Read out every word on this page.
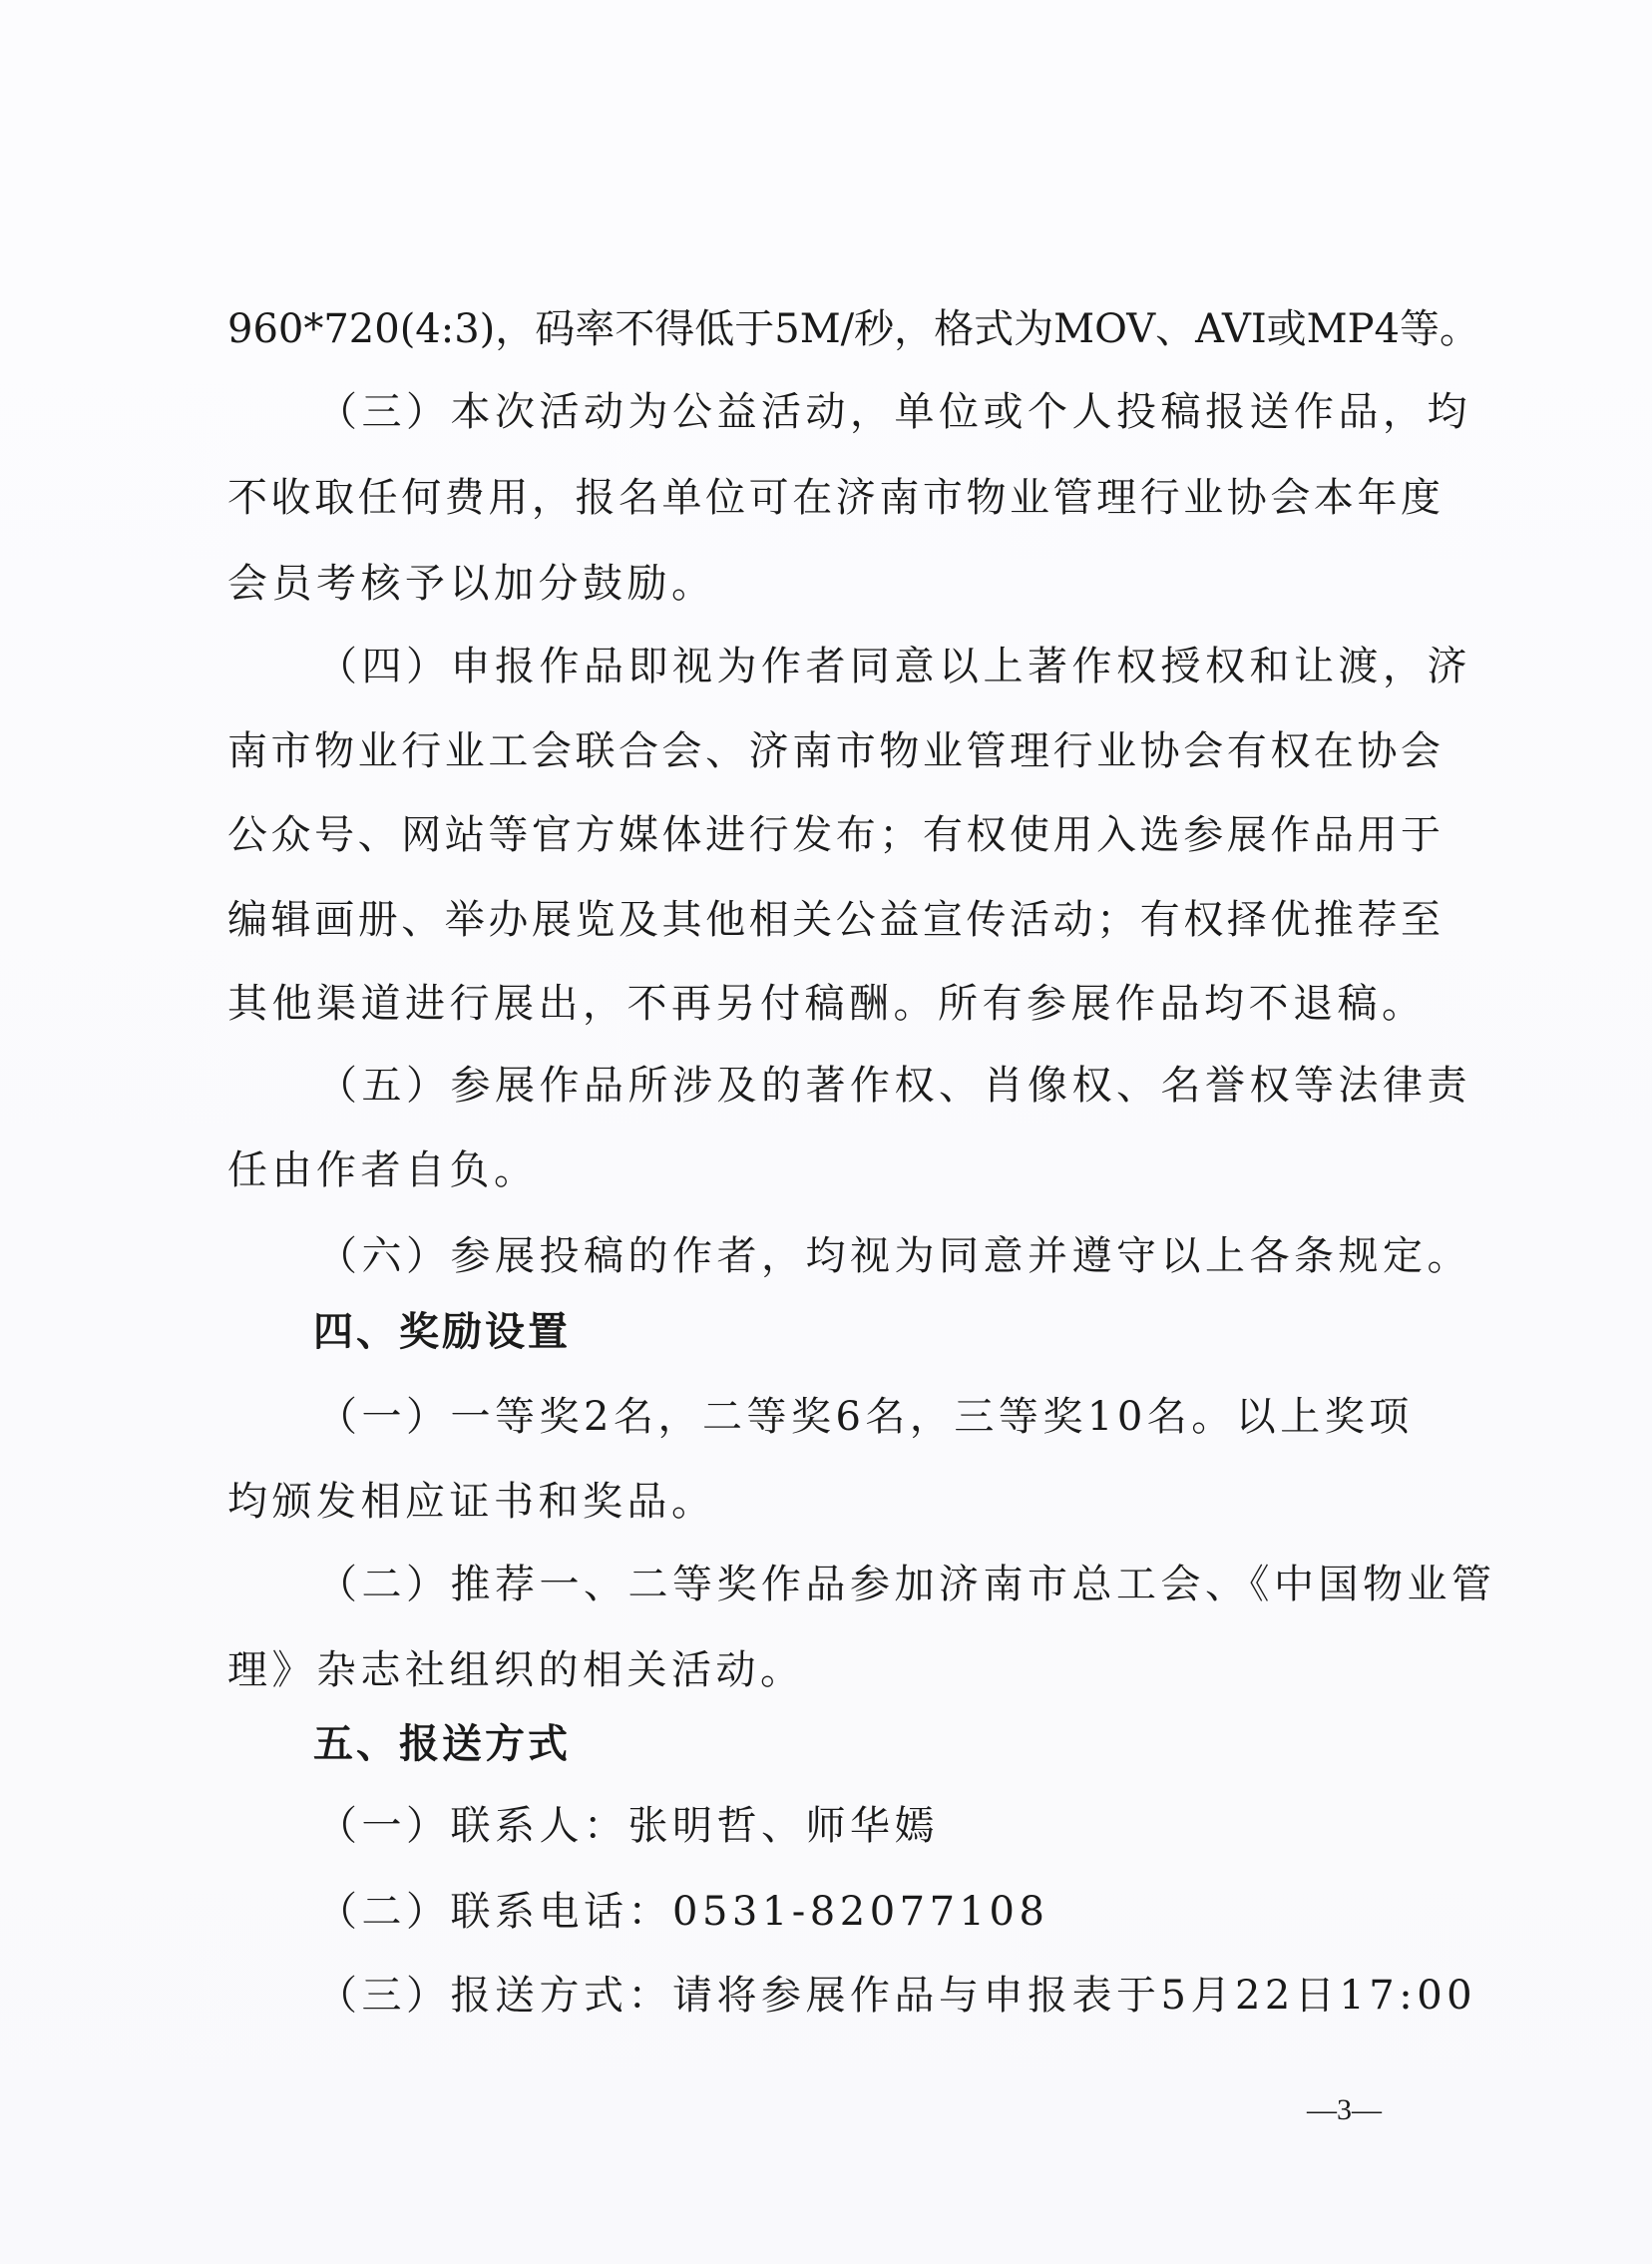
960*720(4:3)，码率不得低于5M/秒，格式为MOV、AVI或MP4等。
（三）本次活动为公益活动，单位或个人投稿报送作品，均
不收取任何费用，报名单位可在济南市物业管理行业协会本年度
会员考核予以加分鼓励。
（四）申报作品即视为作者同意以上著作权授权和让渡，济
南市物业行业工会联合会、济南市物业管理行业协会有权在协会
公众号、网站等官方媒体进行发布；有权使用入选参展作品用于
编辑画册、举办展览及其他相关公益宣传活动；有权择优推荐至
其他渠道进行展出，不再另付稿酬。所有参展作品均不退稿。
（五）参展作品所涉及的著作权、肖像权、名誉权等法律责
任由作者自负。
（六）参展投稿的作者，均视为同意并遵守以上各条规定。
四、奖励设置
（一）一等奖2名，二等奖6名，三等奖10名。以上奖项
均颁发相应证书和奖品。
（二）推荐一、二等奖作品参加济南市总工会、《中国物业管
理》杂志社组织的相关活动。
五、报送方式
（一）联系人：张明哲、师华嫣
（二）联系电话：0531-82077108
（三）报送方式：请将参展作品与申报表于5月22日17:00
—3—
